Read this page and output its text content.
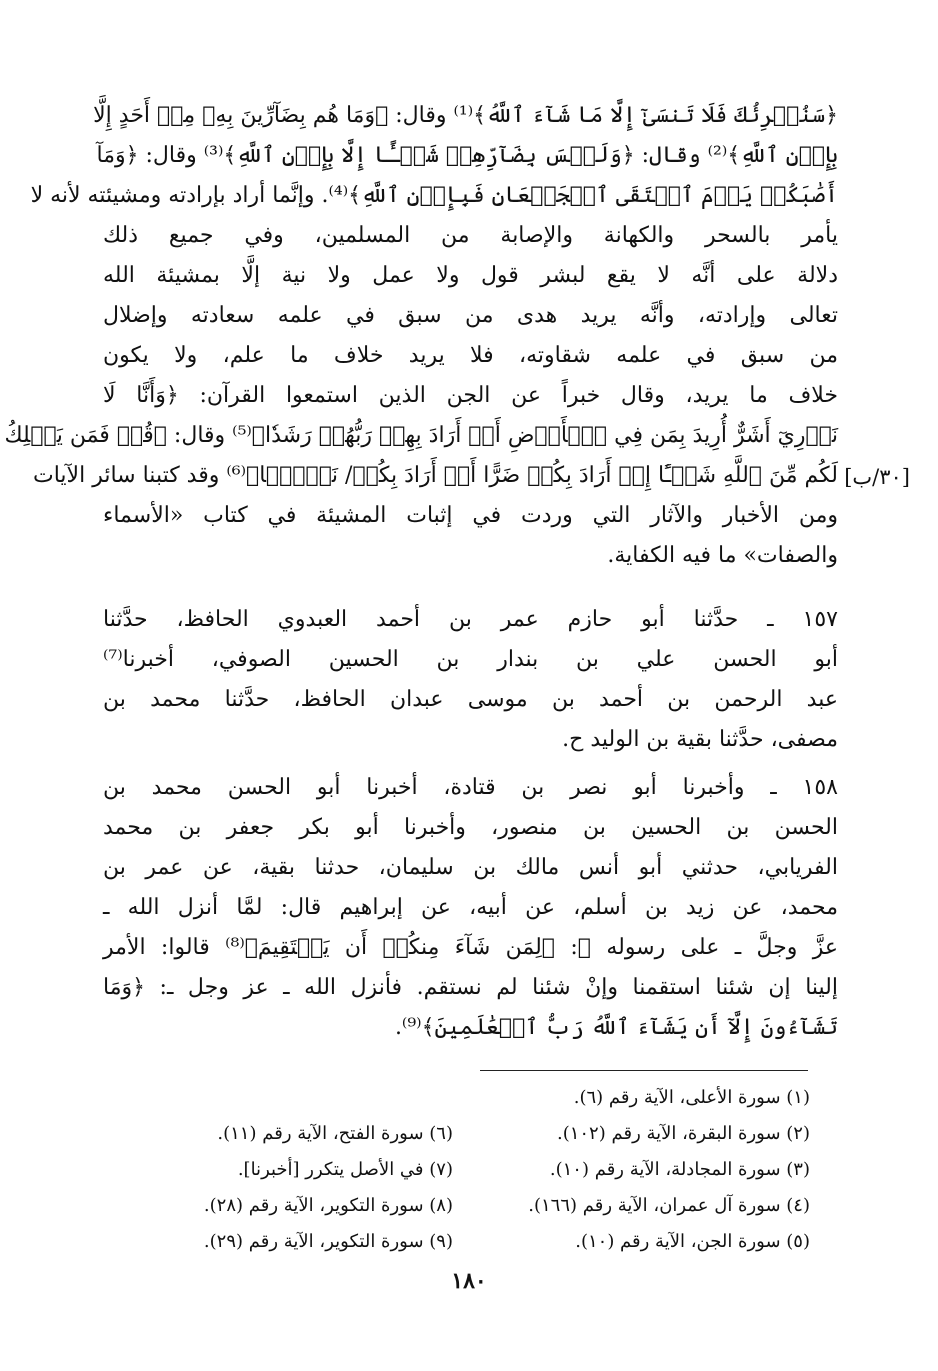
﴿سَنُقۡرِئُكَ فَلَا تَنسَىٰٓ إِلَّا مَا شَآءَ ٱللَّهُ﴾⁽¹⁾ وقال: ﴿وَمَا هُم بِضَآرِّينَ بِهِۦ مِنۡ أَحَدٍ إِلَّا
بِإِذۡنِ ٱللَّهِ﴾⁽²⁾ وقال: ﴿وَلَيۡسَ بِضَآرِّهِمۡ شَيۡـًٔا إِلَّا بِإِذۡنِ ٱللَّهِ﴾⁽³⁾ وقال: ﴿وَمَآ
أَصَٰبَكُمۡ يَوۡمَ ٱلۡتَقَى ٱلۡجَمۡعَانِ فَبِإِذۡنِ ٱللَّهِ﴾⁽⁴⁾. وإنَّما أراد بإرادته ومشيئته لأنه لا
يأمر بالسحر والكهانة والإصابة من المسلمين، وفي جميع ذلك
دلالة على أنَّه لا يقع لبشر قول ولا عمل ولا نية إلَّا بمشيئة الله
تعالى وإرادته، وأنَّه يريد هدى من سبق في علمه سعادته وإضلال
من سبق في علمه شقاوته، فلا يريد خلاف ما علم، ولا يكون
خلاف ما يريد، وقال خبراً عن الجن الذين استمعوا القرآن: ﴿وَأَنَّا لَا
نَدۡرِيٓ أَشَرٌّ أُرِيدَ بِمَن فِي ٱلۡأَرۡضِ أَمۡ أَرَادَ بِهِمۡ رَبُّهُمۡ رَشَدٗا﴾⁽⁵⁾ وقال: ﴿قُلۡ فَمَن يَمۡلِكُ
لَكُم مِّنَ ٱللَّهِ شَيۡـًٔا إِنۡ أَرَادَ بِكُمۡ ضَرًّا أَوۡ أَرَادَ بِكُمۡ/ نَفۡعَۢا﴾⁽⁶⁾ وقد كتبنا سائر الآيات
ومن الأخبار والآثار التي وردت في إثبات المشيئة في كتاب «الأسماء
والصفات» ما فيه الكفاية.
[٣٠/ب]
١٥٧ ـ حدَّثنا أبو حازم عمر بن أحمد العبدوي الحافظ، حدَّثنا
أبو الحسن علي بن بندار بن الحسين الصوفي، أخبرنا⁽⁷⁾
عبد الرحمن بن أحمد بن موسى عبدان الحافظ، حدَّثنا محمد بن
مصفى، حدَّثنا بقية بن الوليد ح.
١٥٨ ـ وأخبرنا أبو نصر بن قتادة، أخبرنا أبو الحسن محمد بن
الحسن بن الحسين بن منصور، وأخبرنا أبو بكر جعفر بن محمد
الفريابي، حدثني أبو أنس مالك بن سليمان، حدثنا بقية، عن عمر بن
محمد، عن زيد بن أسلم، عن أبيه، عن إبراهيم قال: لمَّا أنزل الله ـ
عزَّ وجلَّ ـ على رسوله ﷺ: ﴿لِمَن شَآءَ مِنكُمۡ أَن يَسۡتَقِيمَ﴾⁽⁸⁾ قالوا: الأمر
إلينا إن شئنا استقمنا وإنْ شئنا لم نستقم. فأنزل الله ـ عز وجل ـ: ﴿وَمَا
تَشَآءُونَ إِلَّآ أَن يَشَآءَ ٱللَّهُ رَبُّ ٱلۡعَٰلَمِينَ﴾⁽⁹⁾.
(١) سورة الأعلى، الآية رقم (٦).
(٢) سورة البقرة، الآية رقم (١٠٢).
(٣) سورة المجادلة، الآية رقم (١٠).
(٤) سورة آل عمران، الآية رقم (١٦٦).
(٥) سورة الجن، الآية رقم (١٠).
(٦) سورة الفتح، الآية رقم (١١).
(٧) في الأصل يتكرر [أخبرنا].
(٨) سورة التكوير، الآية رقم (٢٨).
(٩) سورة التكوير، الآية رقم (٢٩).
١٨٠
